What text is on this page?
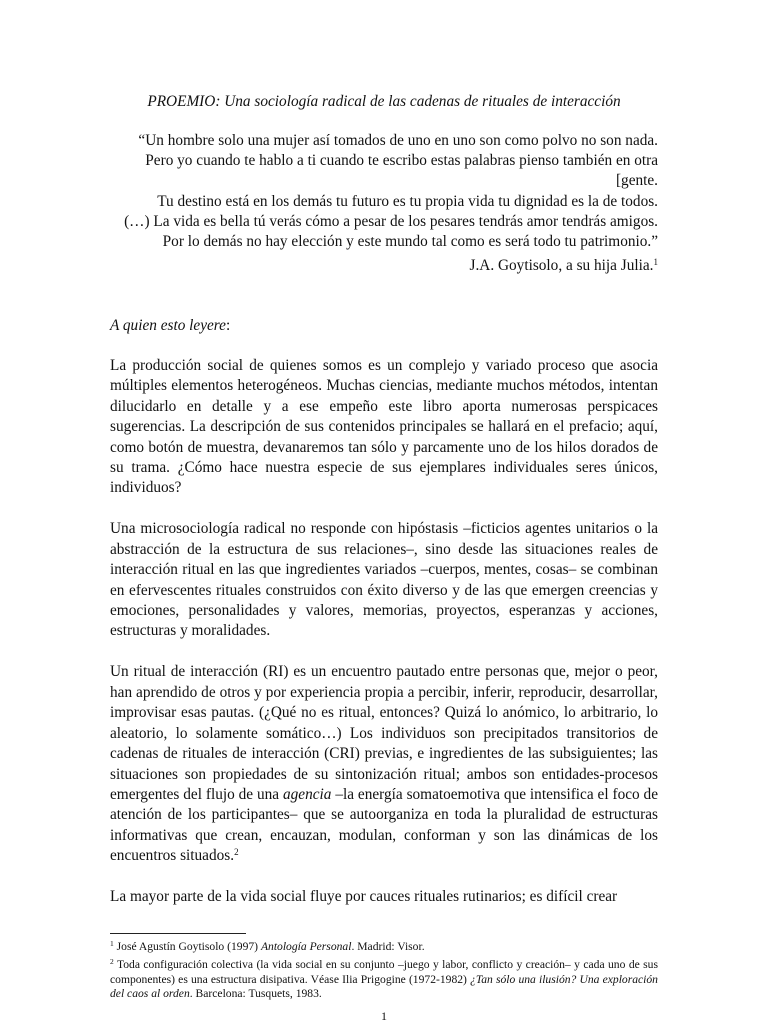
PROEMIO: Una sociología radical de las cadenas de rituales de interacción
“Un hombre solo una mujer así tomados de uno en uno son como polvo no son nada.
Pero yo cuando te hablo a ti cuando te escribo estas palabras pienso también en otra
[gente.
Tu destino está en los demás tu futuro es tu propia vida tu dignidad es la de todos.
(…) La vida es bella tú verás cómo a pesar de los pesares tendrás amor tendrás amigos.
Por lo demás no hay elección y este mundo tal como es será todo tu patrimonio.”
J.A. Goytisolo, a su hija Julia.$^1$
A quien esto leyere:

La producción social de quienes somos es un complejo y variado proceso que asocia múltiples elementos heterogéneos. Muchas ciencias, mediante muchos métodos, intentan dilucidarlo en detalle y a ese empeño este libro aporta numerosas perspicaces sugerencias. La descripción de sus contenidos principales se hallará en el prefacio; aquí, como botón de muestra, devanaremos tan sólo y parcamente uno de los hilos dorados de su trama. ¿Cómo hace nuestra especie de sus ejemplares individuales seres únicos, individuos?

Una microsociología radical no responde con hipóstasis –ficticios agentes unitarios o la abstracción de la estructura de sus relaciones–, sino desde las situaciones reales de interacción ritual en las que ingredientes variados –cuerpos, mentes, cosas– se combinan en efervescentes rituales construidos con éxito diverso y de las que emergen creencias y emociones, personalidades y valores, memorias, proyectos, esperanzas y acciones, estructuras y moralidades.

Un ritual de interacción (RI) es un encuentro pautado entre personas que, mejor o peor, han aprendido de otros y por experiencia propia a percibir, inferir, reproducir, desarrollar, improvisar esas pautas. (¿Qué no es ritual, entonces? Quizá lo anómico, lo arbitrario, lo aleatorio, lo solamente somático…) Los individuos son precipitados transitorios de cadenas de rituales de interacción (CRI) previas, e ingredientes de las subsiguientes; las situaciones son propiedades de su sintonización ritual; ambos son entidades-procesos emergentes del flujo de una agencia –la energía somatoemotiva que intensifica el foco de atención de los participantes– que se autoorganiza en toda la pluralidad de estructuras informativas que crean, encauzan, modulan, conforman y son las dinámicas de los encuentros situados.$^2$

La mayor parte de la vida social fluye por cauces rituales rutinarios; es difícil crear

$^1$ José Agustín Goytisolo (1997) Antología Personal. Madrid: Visor.

$^2$ Toda configuración colectiva (la vida social en su conjunto –juego y labor, conflicto y creación– y cada uno de sus componentes) es una estructura disipativa. Véase Ilia Prigogine (1972-1982) ¿Tan sólo una ilusión? Una exploración del caos al orden. Barcelona: Tusquets, 1983.

1
